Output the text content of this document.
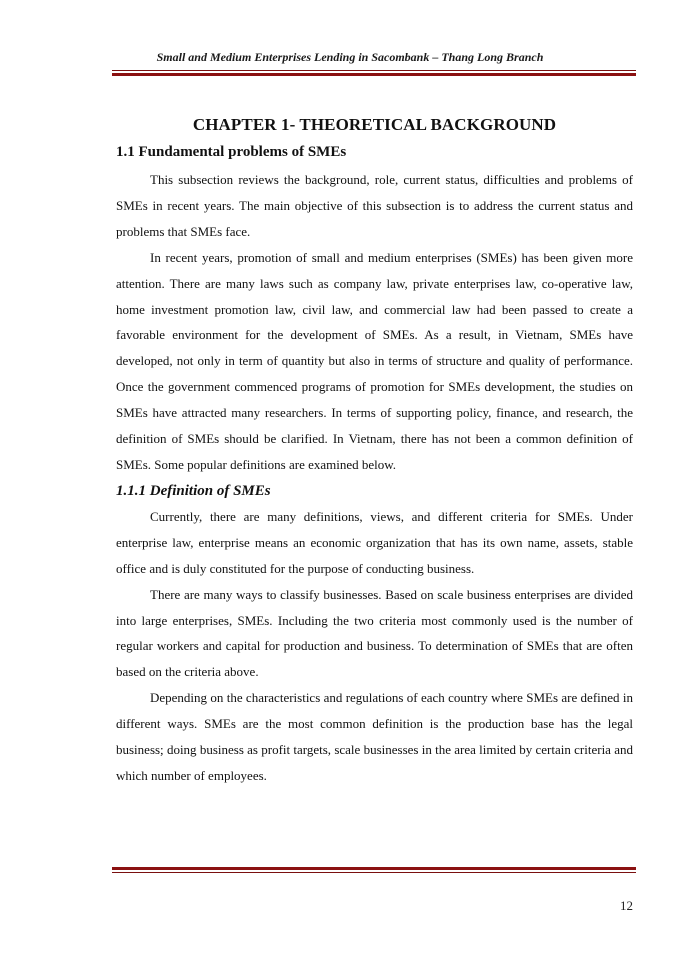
Small and Medium Enterprises Lending in Sacombank – Thang Long Branch
CHAPTER 1- THEORETICAL BACKGROUND
1.1 Fundamental problems of SMEs

This subsection reviews the background, role, current status, difficulties and problems of SMEs in recent years. The main objective of this subsection is to address the current status and problems that SMEs face.

In recent years, promotion of small and medium enterprises (SMEs) has been given more attention. There are many laws such as company law, private enterprises law, co-operative law, home investment promotion law, civil law, and commercial law had been passed to create a favorable environment for the development of SMEs. As a result, in Vietnam, SMEs have developed, not only in term of quantity but also in terms of structure and quality of performance. Once the government commenced programs of promotion for SMEs development, the studies on SMEs have attracted many researchers. In terms of supporting policy, finance, and research, the definition of SMEs should be clarified. In Vietnam, there has not been a common definition of SMEs. Some popular definitions are examined below.

1.1.1 Definition of SMEs

Currently, there are many definitions, views, and different criteria for SMEs. Under enterprise law, enterprise means an economic organization that has its own name, assets, stable office and is duly constituted for the purpose of conducting business.

There are many ways to classify businesses. Based on scale business enterprises are divided into large enterprises, SMEs. Including the two criteria most commonly used is the number of regular workers and capital for production and business. To determination of SMEs that are often based on the criteria above.

Depending on the characteristics and regulations of each country where SMEs are defined in different ways. SMEs are the most common definition is the production base has the legal business; doing business as profit targets, scale businesses in the area limited by certain criteria and which number of employees.

12
